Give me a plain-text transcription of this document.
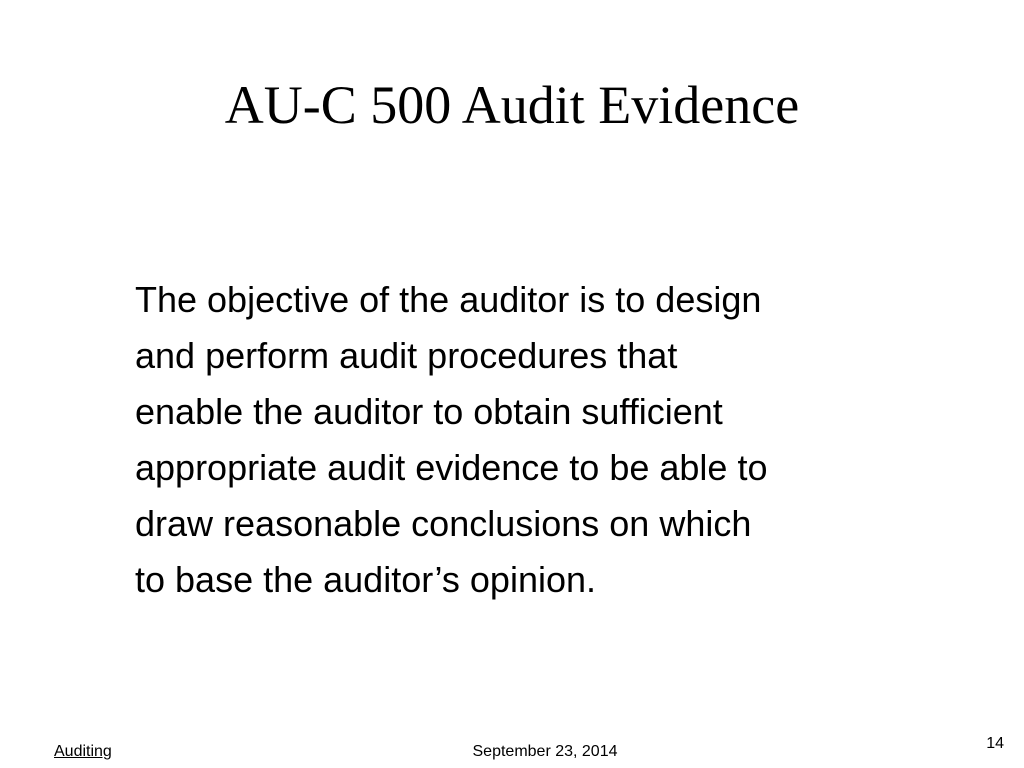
AU-C 500 Audit Evidence
The objective of the auditor is to design
and perform audit procedures that
enable the auditor to obtain sufficient
appropriate audit evidence to be able to
draw reasonable conclusions on which
to base the auditor’s opinion.
Auditing	September 23, 2014	14
